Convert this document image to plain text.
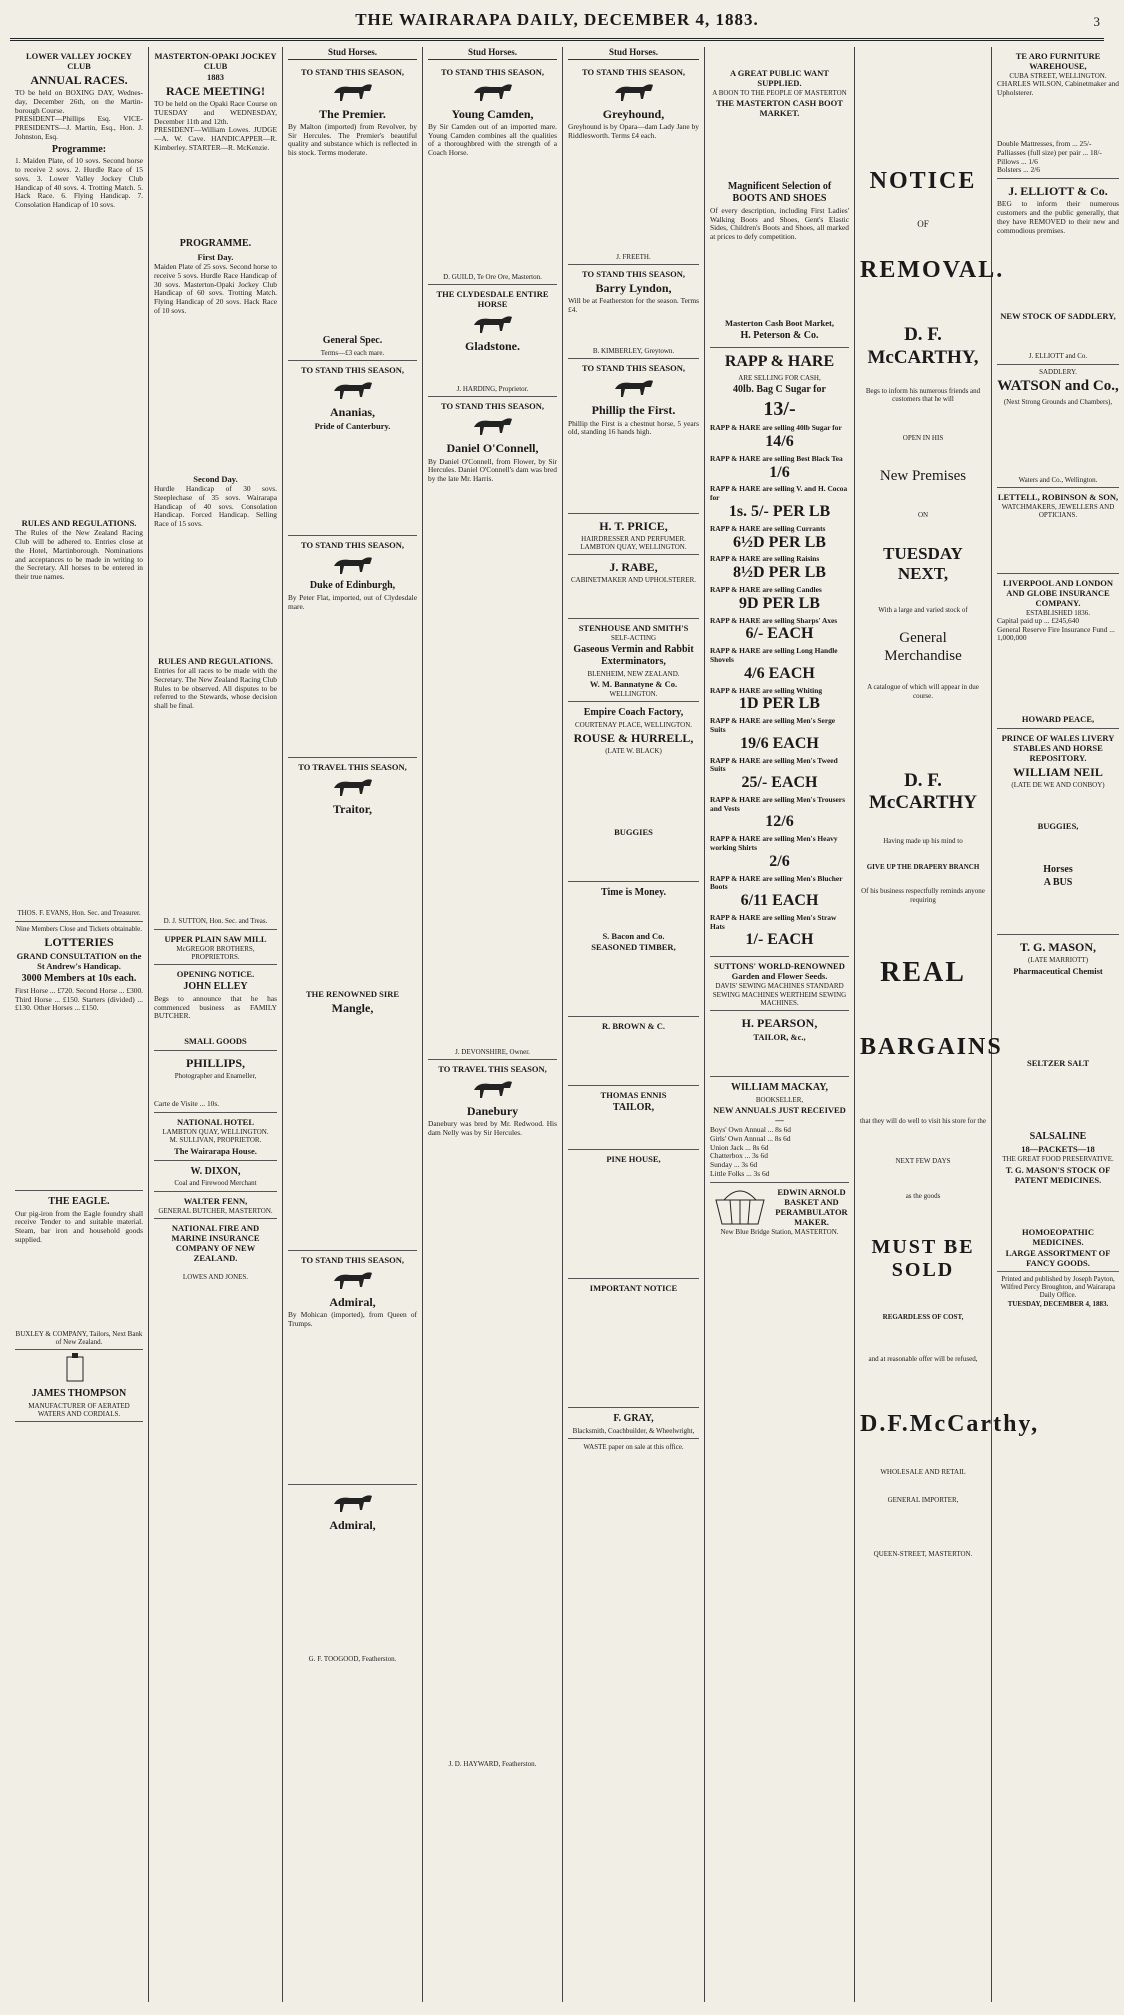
THE WAIRARAPA DAILY, DECEMBER 4, 1883.	3
LOWER VALLEY JOCKEY CLUB
ANNUAL RACES.
TO be held on BOXING DAY, Wednes-day, December 26th, on the Martin-borough Course.
PRESIDENT—Phillips Esq. VICE-PRESIDENTS—J. Martin, Esq., Hon. J. Johnston, Esq.
Programme:
1. Maiden Plate, of 10 sovs. Second horse to receive 2 sovs. 2. Hurdle Race of 15 sovs. 3. Lower Valley Jockey Club Handicap of 40 sovs. 4. Trotting Match. 5. Hack Race. 6. Flying Handicap. 7. Consolation Handicap of 10 sovs.
RULES AND REGULATIONS.
The Rules of the New Zealand Racing Club will be adhered to. Entries close at the Hotel, Martinborough. Nominations and acceptances to be made in writing to the Secretary. All horses to be entered in their true names.
THOS. F. EVANS, Hon. Sec. and Treasurer.
Nine Members Close and Tickets obtainable.
LOTTERIES
GRAND CONSULTATION on the St Andrew's Handicap.
3000 Members at 10s each.
First Horse ... £720. Second Horse ... £300. Third Horse ... £150. Starters (divided) ... £130. Other Horses ... £150.
THE EAGLE.
Our pig-iron from the Eagle foundry shall receive Tender to and suitable material. Steam, bar iron and household goods supplied.
BUXLEY & COMPANY, Tailors, Next Bank of New Zealand.
JAMES THOMPSON
MANUFACTURER OF AERATED WATERS AND CORDIALS.
MASTERTON-OPAKI JOCKEY CLUB
1883
RACE MEETING!
TO be held on the Opaki Race Course on TUESDAY and WEDNESDAY, December 11th and 12th.
PRESIDENT—William Lowes. JUDGE—A. W. Cave. HANDICAPPER—R. Kimberley. STARTER—R. McKenzie.
PROGRAMME.
First Day.
Maiden Plate of 25 sovs. Second horse to receive 5 sovs. Hurdle Race Handicap of 30 sovs. Masterton-Opaki Jockey Club Handicap of 60 sovs. Trotting Match. Flying Handicap of 20 sovs. Hack Race of 10 sovs.
Second Day.
Hurdle Handicap of 30 sovs. Steeplechase of 35 sovs. Wairarapa Handicap of 40 sovs. Consolation Handicap. Forced Handicap. Selling Race of 15 sovs.
RULES AND REGULATIONS.
Entries for all races to be made with the Secretary. The New Zealand Racing Club Rules to be observed. All disputes to be referred to the Stewards, whose decision shall be final.
D. J. SUTTON, Hon. Sec. and Treas.
UPPER PLAIN SAW MILL
McGREGOR BROTHERS, PROPRIETORS.
OPENING NOTICE.
JOHN ELLEY
Begs to announce that he has commenced business as FAMILY BUTCHER.
SMALL GOODS
PHILLIPS,
Photographer and Enameller,
Carte de Visite ... 10s.
NATIONAL HOTEL
LAMBTON QUAY, WELLINGTON.
M. SULLIVAN, PROPRIETOR.
The Wairarapa House.
W. DIXON,
Coal and Firewood Merchant
WALTER FENN,
GENERAL BUTCHER, MASTERTON.
NATIONAL FIRE AND MARINE INSURANCE COMPANY OF NEW ZEALAND.
LOWES AND JONES.
Stud Horses.
TO STAND THIS SEASON,
The Premier.
By Malton (imported) from Revolver, by Sir Hercules. The Premier's beautiful quality and substance which is reflected in his stock. Terms moderate.
General Spec.
Terms—£3 each mare.
TO STAND THIS SEASON,
Ananias,
Pride of Canterbury.
TO STAND THIS SEASON,
Duke of Edinburgh,
By Peter Flat, imported, out of Clydesdale mare.
TO TRAVEL THIS SEASON,
Traitor,
THE RENOWNED SIRE
Mangle,
TO STAND THIS SEASON,
Admiral,
By Mohican (imported), from Queen of Trumps.
Admiral,
G. F. TOOGOOD, Featherston.
Stud Horses.
TO STAND THIS SEASON,
Young Camden,
By Sir Camden out of an imported mare. Young Camden combines all the qualities of a thoroughbred with the strength of a Coach Horse.
D. GUILD, Te Ore Ore, Masterton.
THE CLYDESDALE ENTIRE HORSE
Gladstone.
J. HARDING, Proprietor.
TO STAND THIS SEASON,
Daniel O'Connell,
By Daniel O'Connell, from Flower, by Sir Hercules. Daniel O'Connell's dam was bred by the late Mr. Harris.
J. DEVONSHIRE, Owner.
TO TRAVEL THIS SEASON,
Danebury
Danebury was bred by Mr. Redwood. His dam Nelly was by Sir Hercules.
J. D. HAYWARD, Featherston.
Stud Horses.
TO STAND THIS SEASON,
Greyhound,
Greyhound is by Opara—dam Lady Jane by Riddlesworth. Terms £4 each.
J. FREETH.
TO STAND THIS SEASON,
Barry Lyndon,
Will be at Featherston for the season. Terms £4.
B. KIMBERLEY, Greytown.
TO STAND THIS SEASON,
Phillip the First.
Phillip the First is a chestnut horse, 5 years old, standing 16 hands high.
H. T. PRICE,
HAIRDRESSER AND PERFUMER.
LAMBTON QUAY, WELLINGTON.
J. RABE,
CABINETMAKER AND UPHOLSTERER.
STENHOUSE AND SMITH'S
SELF-ACTING
Gaseous Vermin and Rabbit Exterminators,
BLENHEIM, NEW ZEALAND.
W. M. Bannatyne & Co.
WELLINGTON.
Empire Coach Factory,
COURTENAY PLACE, WELLINGTON.
ROUSE & HURRELL,
(LATE W. BLACK)
BUGGIES
Time is Money.
S. Bacon and Co.
SEASONED TIMBER,
R. BROWN & C.
THOMAS ENNIS
TAILOR,
PINE HOUSE,
IMPORTANT NOTICE
F. GRAY,
Blacksmith, Coachbuilder, & Wheelwright,
WASTE paper on sale at this office.
A GREAT PUBLIC WANT SUPPLIED.
A BOON TO THE PEOPLE OF MASTERTON
THE MASTERTON CASH BOOT MARKET.
Magnificent Selection of BOOTS AND SHOES
Of every description, including First Ladies' Walking Boots and Shoes, Gent's Elastic Sides, Children's Boots and Shoes, all marked at prices to defy competition.
Masterton Cash Boot Market,
H. Peterson & Co.
RAPP & HARE
ARE SELLING FOR CASH,
40lb. Bag C Sugar for
13/-
RAPP & HARE are selling 40lb Sugar for
14/6
RAPP & HARE are selling Best Black Tea
1/6
RAPP & HARE are selling V. and H. Cocoa for
1s. 5/- PER LB
RAPP & HARE are selling Currants
6½D PER LB
RAPP & HARE are selling Raisins
8½D PER LB
RAPP & HARE are selling Candles
9D PER LB
RAPP & HARE are selling Sharps' Axes
6/- EACH
RAPP & HARE are selling Long Handle Shovels
4/6 EACH
RAPP & HARE are selling Whiting
1D PER LB
RAPP & HARE are selling Men's Serge Suits
19/6 EACH
RAPP & HARE are selling Men's Tweed Suits
25/- EACH
RAPP & HARE are selling Men's Trousers and Vests
12/6
RAPP & HARE are selling Men's Heavy working Shirts
2/6
RAPP & HARE are selling Men's Blucher Boots
6/11 EACH
RAPP & HARE are selling Men's Straw Hats
1/- EACH
SUTTONS' WORLD-RENOWNED Garden and Flower Seeds.
DAVIS' SEWING MACHINES STANDARD SEWING MACHINES WERTHEIM SEWING MACHINES.
H. PEARSON,
TAILOR, &c.,
WILLIAM MACKAY,
BOOKSELLER,
NEW ANNUALS JUST RECEIVED—
Boys' Own Annual ... 8s 6d
Girls' Own Annual ... 8s 6d
Union Jack ... 8s 6d
Chatterbox ... 3s 6d
Sunday ... 3s 6d
Little Folks ... 3s 6d
EDWIN ARNOLD BASKET AND PERAMBULATOR MAKER.
New Blue Bridge Station, MASTERTON.
NOTICE
OF
REMOVAL.
D. F. McCARTHY,
Begs to inform his numerous friends and customers that he will
OPEN IN HIS
New Premises
ON
TUESDAY NEXT,
With a large and varied stock of
General Merchandise
A catalogue of which will appear in due course.
D. F. McCARTHY
Having made up his mind to
GIVE UP THE DRAPERY BRANCH
Of his business respectfully reminds anyone requiring
REAL
BARGAINS
that they will do well to visit his store for the
NEXT FEW DAYS
as the goods
MUST BE SOLD
REGARDLESS OF COST,
and at reasonable offer will be refused,
D.F.McCarthy,
WHOLESALE AND RETAIL
GENERAL IMPORTER,
QUEEN-STREET, MASTERTON.
TE ARO FURNITURE WAREHOUSE,
CUBA STREET, WELLINGTON.
CHARLES WILSON, Cabinetmaker and Upholsterer.
Double Mattresses, from ... 25/-
Palliasses (full size) per pair ... 18/-
Pillows ... 1/6
Bolsters ... 2/6
J. ELLIOTT & Co.
BEG to inform their numerous customers and the public generally, that they have REMOVED to their new and commodious premises.
NEW STOCK OF SADDLERY,
J. ELLIOTT and Co.
SADDLERY.
WATSON and Co.,
(Next Strong Grounds and Chambers),
Waters and Co., Wellington.
LETTELL, ROBINSON & SON,
WATCHMAKERS, JEWELLERS AND OPTICIANS.
LIVERPOOL AND LONDON AND GLOBE INSURANCE COMPANY.
ESTABLISHED 1836.
Capital paid up ... £245,640
General Reserve Fire Insurance Fund ... 1,000,000
HOWARD PEACE,
PRINCE OF WALES LIVERY STABLES AND HORSE REPOSITORY.
WILLIAM NEIL
(LATE DE WE AND CONBOY)
BUGGIES,
Horses
A BUS
T. G. MASON,
(LATE MARRIOTT)
Pharmaceutical Chemist
SELTZER SALT
SALSALINE
18—PACKETS—18
THE GREAT FOOD PRESERVATIVE.
T. G. MASON'S STOCK OF PATENT MEDICINES.
HOMOEOPATHIC MEDICINES.
LARGE ASSORTMENT OF FANCY GOODS.
Printed and published by Joseph Payton, Wilfred Percy Broughton, and Wairarapa Daily Office.
TUESDAY, DECEMBER 4, 1883.
